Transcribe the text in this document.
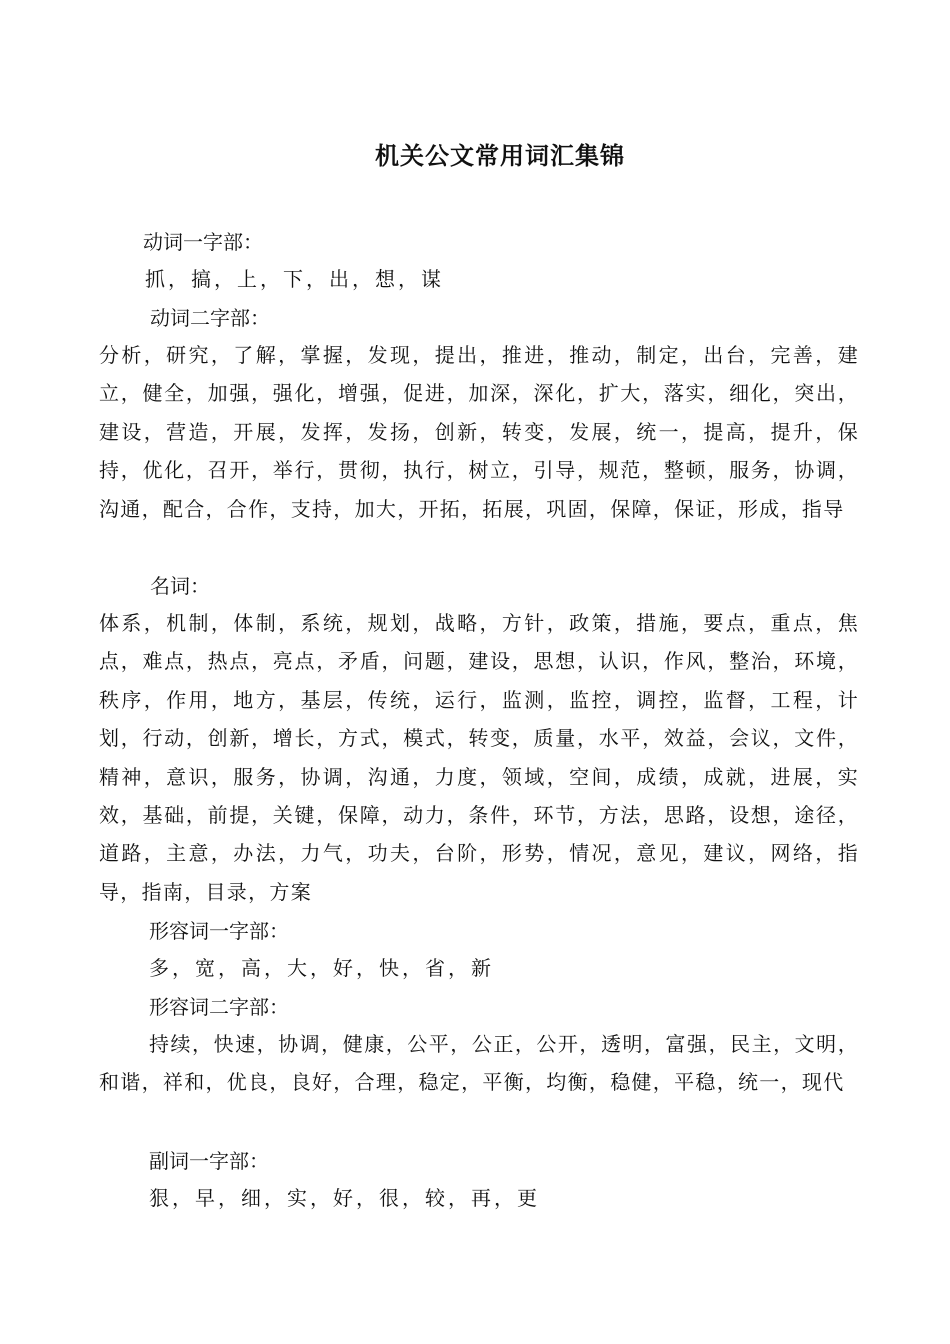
机关公文常用词汇集锦
动词一字部：
抓，搞，上，下，出，想，谋
动词二字部：
分析，研究，了解，掌握，发现，提出，推进，推动，制定，出台，完善，建立，健全，加强，强化，增强，促进，加深，深化，扩大，落实，细化，突出，建设，营造，开展，发挥，发扬，创新，转变，发展，统一，提高，提升，保持，优化，召开，举行，贯彻，执行，树立，引导，规范，整顿，服务，协调，沟通，配合，合作，支持，加大，开拓，拓展，巩固，保障，保证，形成，指导
名词：
体系，机制，体制，系统，规划，战略，方针，政策，措施，要点，重点，焦点，难点，热点，亮点，矛盾，问题，建设，思想，认识，作风，整治，环境，秩序，作用，地方，基层，传统，运行，监测，监控，调控，监督，工程，计划，行动，创新，增长，方式，模式，转变，质量，水平，效益，会议，文件，精神，意识，服务，协调，沟通，力度，领域，空间，成绩，成就，进展，实效，基础，前提，关键，保障，动力，条件，环节，方法，思路，设想，途径，道路，主意，办法，力气，功夫，台阶，形势，情况，意见，建议，网络，指导，指南，目录，方案
形容词一字部：
多，宽，高，大，好，快，省，新
形容词二字部：
持续，快速，协调，健康，公平，公正，公开，透明，富强，民主，文明，和谐，祥和，优良，良好，合理，稳定，平衡，均衡，稳健，平稳，统一，现代
副词一字部：
狠，早，细，实，好，很，较，再，更
